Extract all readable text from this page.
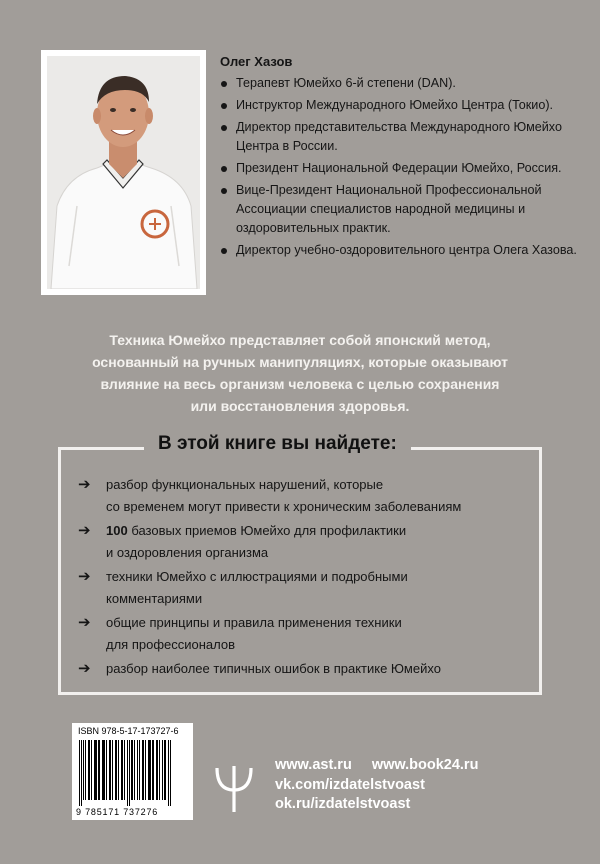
Олег Хазов
Терапевт Юмейхо 6-й степени (DAN).
Инструктор Международного Юмейхо Центра (Токио).
Директор представительства Международного Юмейхо Центра в России.
Президент Национальной Федерации Юмейхо, Россия.
Вице-Президент Национальной Профессиональной Ассоциации специалистов народной медицины и оздоровительных практик.
Директор учебно-оздоровительного центра Олега Хазова.
Техника Юмейхо представляет собой японский метод,
основанный на ручных манипуляциях, которые оказывают
влияние на весь организм человека с целью сохранения
или восстановления здоровья.
В этой книге вы найдете:
➔	разбор функциональных нарушений, которые
со временем могут привести к хроническим заболеваниям
➔	100 базовых приемов Юмейхо для профилактики
и оздоровления организма
➔	техники Юмейхо с иллюстрациями и подробными
комментариями
➔	общие принципы и правила применения техники
для профессионалов
➔	разбор наиболее типичных ошибок в практике Юмейхо
ISBN 978-5-17-173727-6
9 785171 737276
www.ast.ru www.book24.ru
vk.com/izdatelstvoast
ok.ru/izdatelstvoast
